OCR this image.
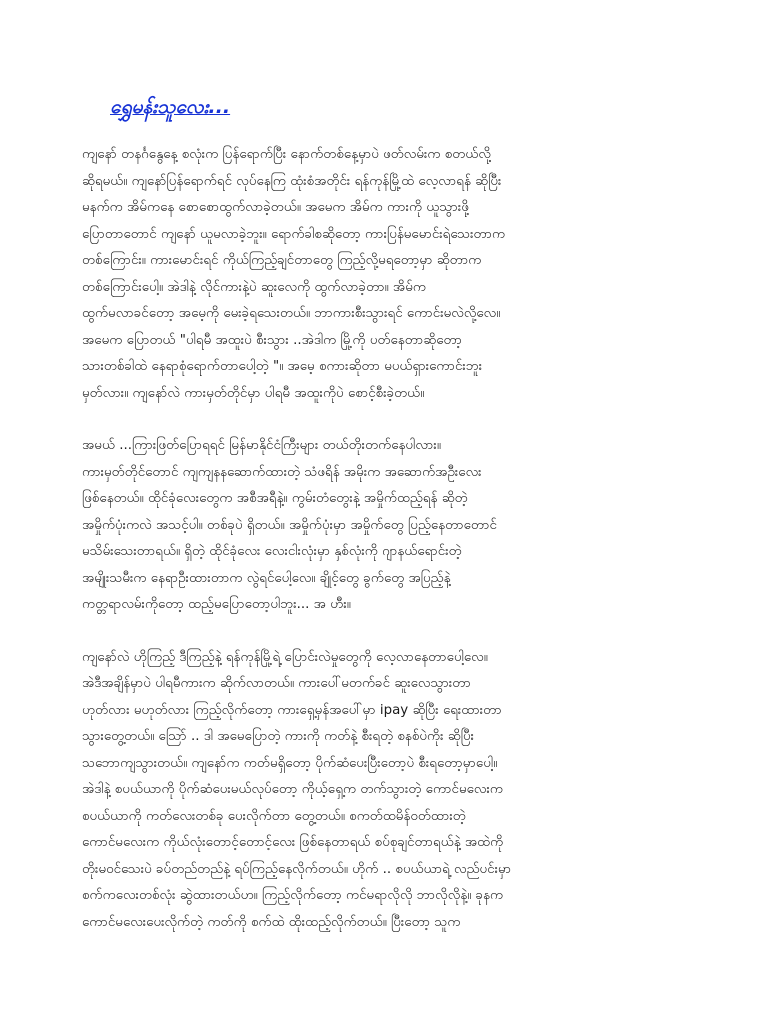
ရွှေမန်းသူလေး...

ကျနော် တနင်္ဂနွေနေ့ စလုံးက ပြန်ရောက်ပြီး နောက်တစ်နေ့မှာပဲ ဖတ်လမ်းက စတယ်လို့
ဆိုရမယ်။ ကျနော်ပြန်ရောက်ရင် လုပ်နေကြ ထုံးစံအတိုင်း ရန်ကုန်မြို့ထဲ လေ့လာရန် ဆိုပြီး
မနက်က အိမ်ကနေ စောစောထွက်လာခဲ့တယ်။ အမေက အိမ်က ကားကို ယူသွားဖို့
ပြောတာတောင် ကျနော် ယူမလာခဲ့ဘူး။ ရောက်ခါစဆိုတော့ ကားပြန်မမောင်းရဲသေးတာက
တစ်ကြောင်း။ ကားမောင်းရင် ကိုယ်ကြည့်ချင်တာတွေ ကြည့်လို့မရတော့မှာ ဆိုတာက
တစ်ကြောင်းပေါ့။ အဲဒါနဲ့ လိုင်ကားနဲ့ပဲ ဆူးလေကို ထွက်လာခဲ့တာ။ အိမ်က
ထွက်မလာခင်တော့ အမေ့ကို မေးခဲ့ရသေးတယ်။ ဘာကားစီးသွားရင် ကောင်းမလဲလို့လေ။
အမေက ပြောတယ် "ပါရမီ အထူးပဲ စီးသွား ..အဲဒါက မြို့ကို ပတ်နေတာဆိုတော့
သားတစ်ခါထဲ နေရာစုံရောက်တာပေါ့တဲ့ "။ အမေ့ စကားဆိုတာ မပယ်ရှားကောင်းဘူး
မှတ်လား။ ကျနော်လဲ ကားမှတ်တိုင်မှာ ပါရမီ အထူးကိုပဲ စောင့်စီးခဲ့တယ်။

အမယ် ...ကြားဖြတ်ပြောရရင် မြန်မာနိုင်ငံကြီးများ တယ်တိုးတက်နေပါလား။
ကားမှတ်တိုင်တောင် ကျကျနနဆောက်ထားတဲ့ သံဖရိန် အမိုးက အဆောက်အဦးလေး
ဖြစ်နေတယ်။ ထိုင်ခုံလေးတွေက အစီအရီနဲ့။ ကွမ်းတံတွေးနဲ့ အမှိုက်ထည့်ရန် ဆိုတဲ့
အမှိုက်ပုံးကလဲ အသင့်ပါ။ တစ်ခုပဲ ရှိတယ်။ အမှိုက်ပုံးမှာ အမှိုက်တွေ ပြည့်နေတာတောင်
မသိမ်းသေးတာရယ်။ ရှိတဲ့ ထိုင်ခုံလေး လေးငါးလုံးမှာ နှစ်လုံးကို ဂျာနယ်ရောင်းတဲ့
အမျိုးသမီးက နေရာဦးထားတာက လွဲရင်ပေါ့လေ။ ချိုင့်တွေ ခွက်တွေ အပြည့်နဲ့
ကတ္တရာလမ်းကိုတော့ ထည့်မပြောတော့ပါဘူး... အ ဟီး။

ကျနော်လဲ ဟိုကြည့် ဒီကြည့်နဲ့ ရန်ကုန်မြို့ရဲ့ ပြောင်းလဲမှုတွေကို လေ့လာနေတာပေါ့လေ။
အဲဒီအချိန်မှာပဲ ပါရမီကားက ဆိုက်လာတယ်။ ကားပေါ်မတက်ခင် ဆူးလေသွားတာ
ဟုတ်လား မဟုတ်လား ကြည့်လိုက်တော့ ကားရှေ့မှန်အပေါ်မှာ ipay ဆိုပြီး ရေးထားတာ
သွားတွေ့တယ်။ ဩော် .. ဒါ အမေပြောတဲ့ ကားကို ကတ်နဲ့ စီးရတဲ့ စနစ်ပဲကိုး ဆိုပြီး
သဘောကျသွားတယ်။ ကျနော်က ကတ်မရှိတော့ ပိုက်ဆံပေးပြီးတော့ပဲ စီးရတော့မှာပေါ့။
အဲဒါနဲ့ စပယ်ယာကို ပိုက်ဆံပေးမယ်လုပ်တော့ ကိုယ့်ရှေ့က တက်သွားတဲ့ ကောင်မလေးက
စပယ်ယာကို ကတ်လေးတစ်ခု ပေးလိုက်တာ တွေ့တယ်။ စကတ်ထမိန်ဝတ်ထားတဲ့
ကောင်မလေးက ကိုယ်လုံးတောင့်တောင့်လေး ဖြစ်နေတာရယ် စပ်စုချင်တာရယ်နဲ့ အထဲကို
တိုးမဝင်သေးပဲ ခပ်တည်တည်နဲ့ ရပ်ကြည့်နေလိုက်တယ်။ ဟိုက် .. စပယ်ယာရဲ့ လည်ပင်းမှာ
စက်ကလေးတစ်လုံး ဆွဲထားတယ်ဟ။ ကြည့်လိုက်တော့ ကင်မရာလိုလို ဘာလိုလိုနဲ့။ ခုနက
ကောင်မလေးပေးလိုက်တဲ့ ကတ်ကို စက်ထဲ ထိုးထည့်လိုက်တယ်။ ပြီးတော့ သူက
